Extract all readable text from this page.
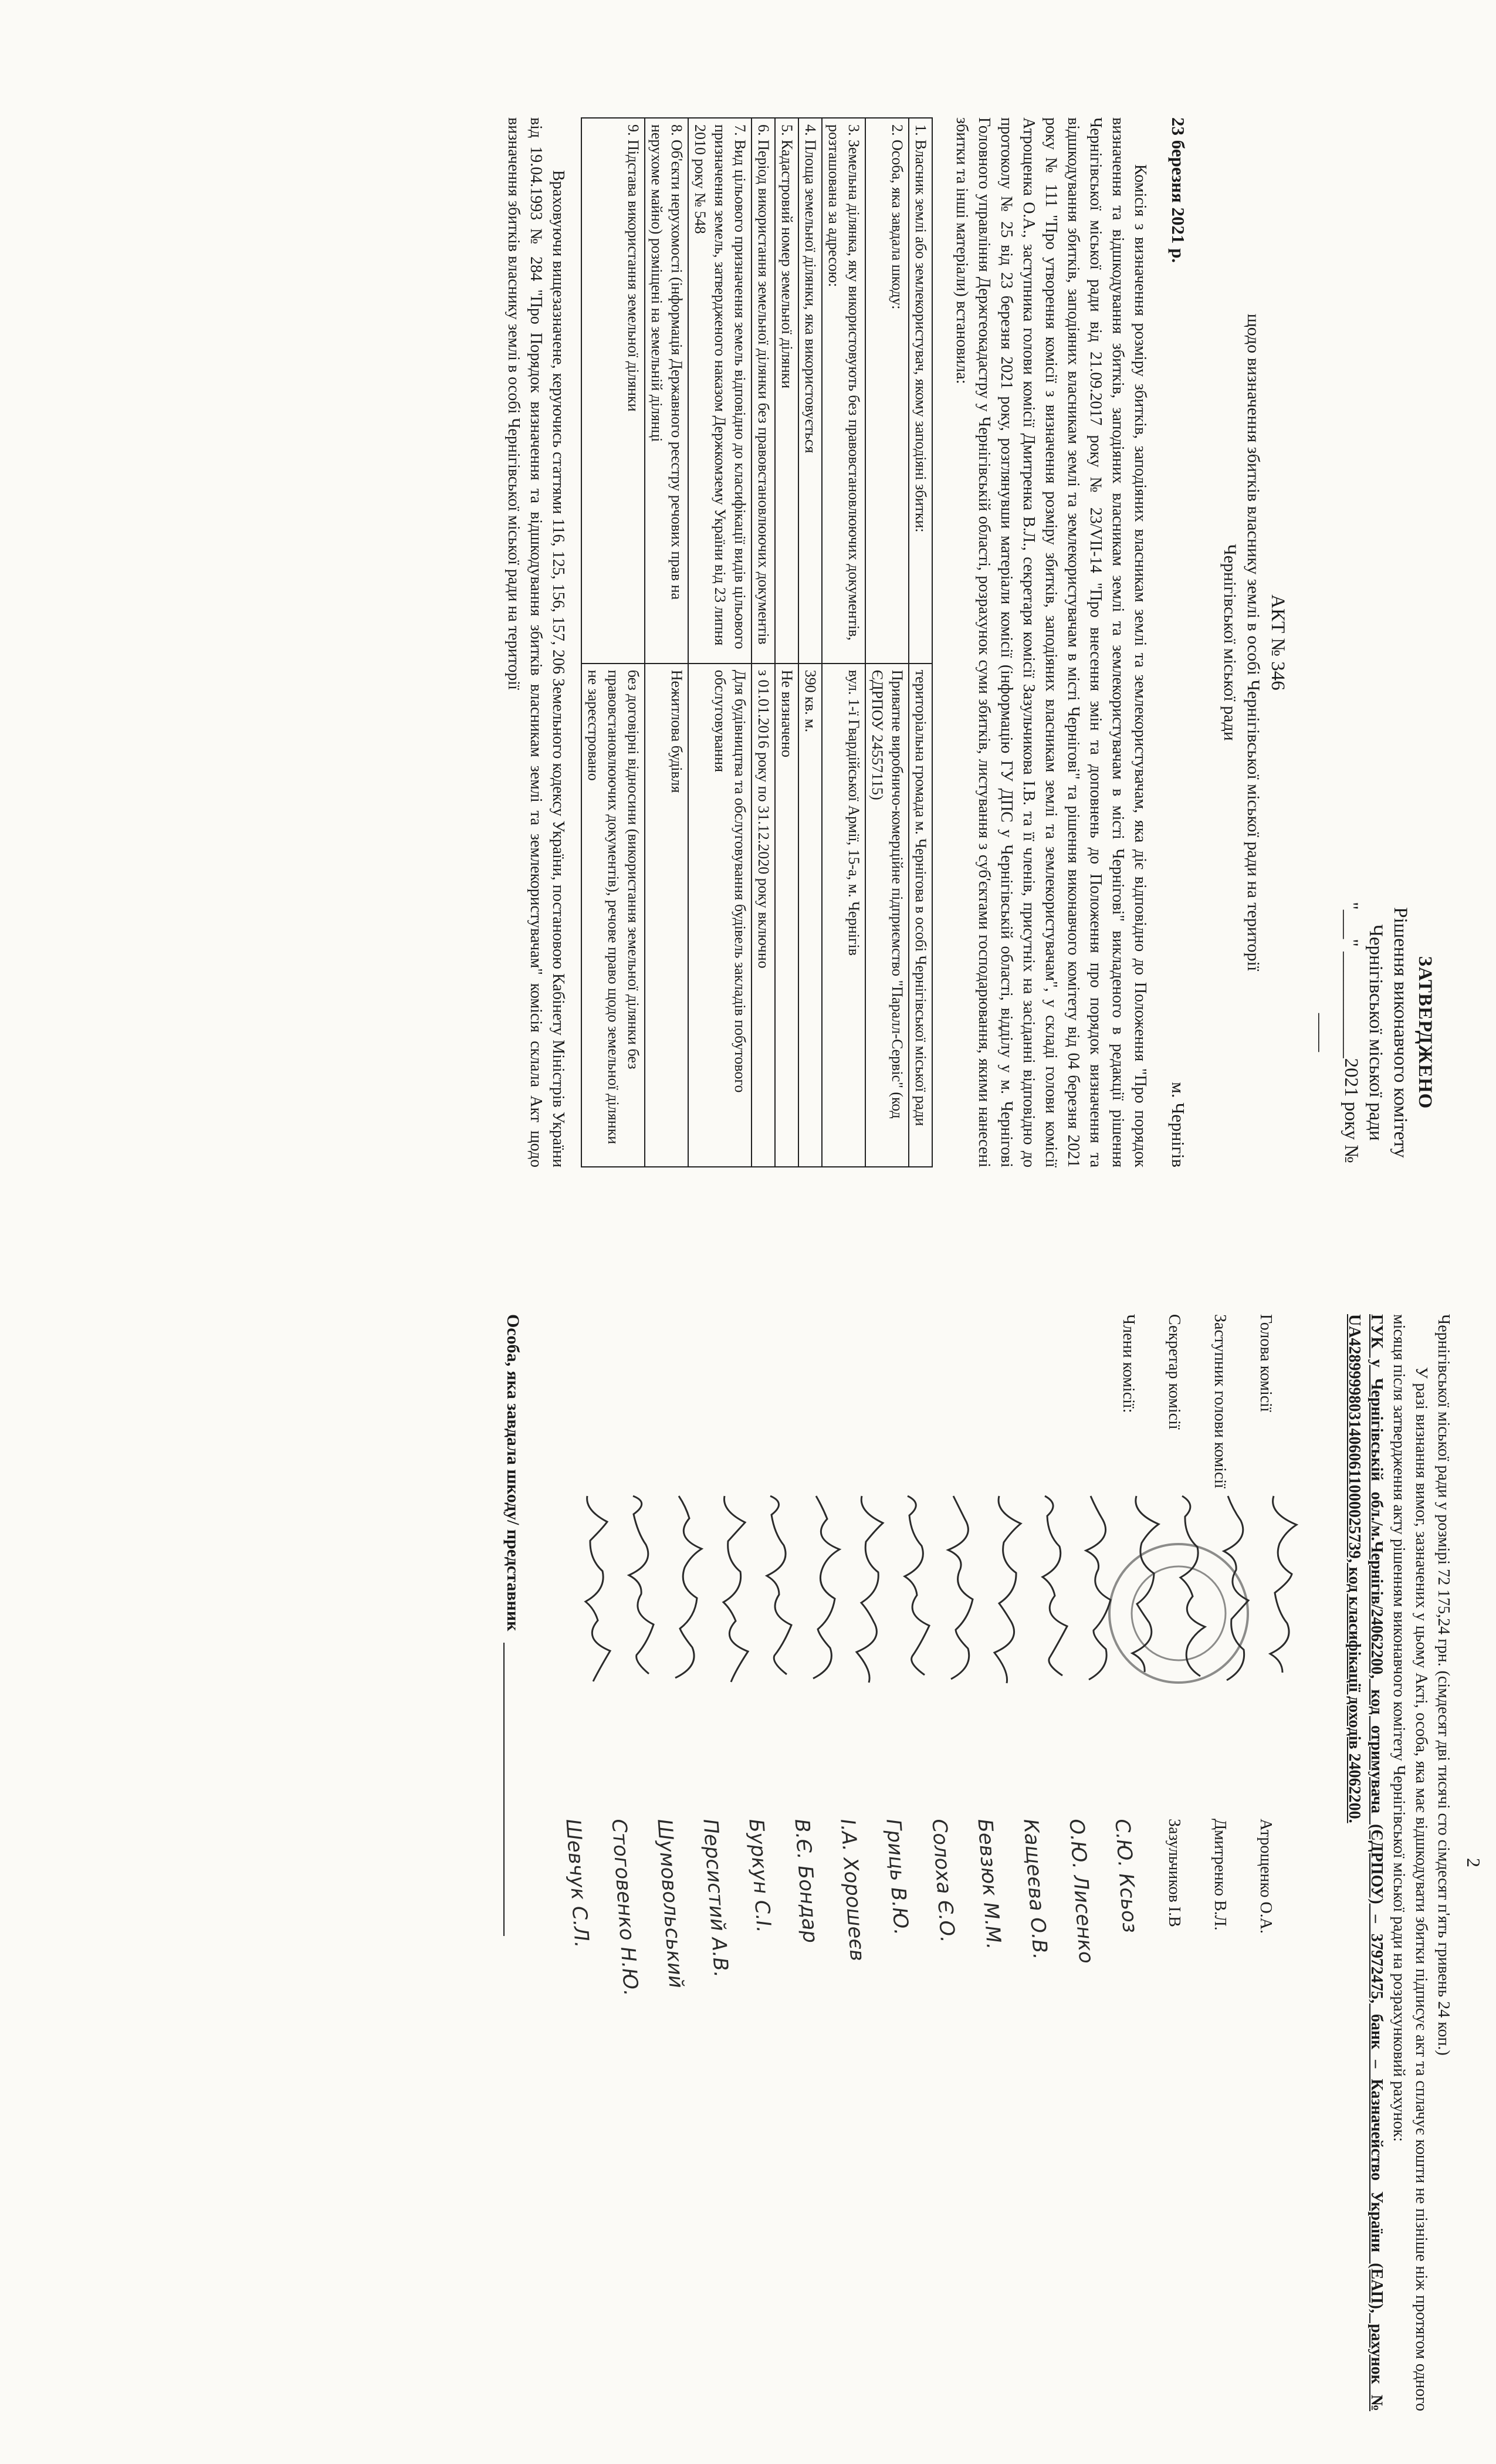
ЗАТВЕРДЖЕНО
Рішення виконавчого комітету
Чернігівської міської ради
"___" ___________2021 року № ____
АКТ № 346
щодо визначення збитків власнику землі в особі Чернігівської міської ради на території
Чернігівської міської ради
23 березня 2021 р.
м. Чернігів
Комісія з визначення розміру збитків, заподіяних власникам землі та землекористувачам, яка діє відповідно до Положення "Про порядок визначення та відшкодування збитків, заподіяних власникам землі та землекористувачам в місті Чернігові" викладеного в редакції рішення Чернігівської міської ради від 21.09.2017 року № 23/VII-14 "Про внесення змін та доповнень до Положення про порядок визначення та відшкодування збитків, заподіяних власникам землі та землекористувачам в місті Чернігові" та рішення виконавчого комітету від 04 березня 2021 року № 111 "Про утворення комісії з визначення розміру збитків, заподіяних власникам землі та землекористувачам", у складі голови комісії Атрощенка О.А., заступника голови комісії Дмитренка В.Л., секретаря комісії Зазульчикова І.В. та її членів, присутніх на засіданні відповідно до протоколу № 25 від 23 березня 2021 року, розглянувши матеріали комісії (інформацію ГУ ДПС у Чернігівській області, відділу у м. Чернігові Головного управління Держгеокадастру у Чернігівській області, розрахунок суми збитків, листування з суб'єктами господарювання, якими нанесені збитки та інші матеріали) встановила:
1. Власник землі або землекористувач, якому заподіяні збитки:	територіальна громада м. Чернігова в особі Чернігівської міської ради
2. Особа, яка завдала шкоду:	Приватне виробничо-комерційне підприємство "Паралл-Сервіс" (код ЄДРПОУ 24557115)
3. Земельна ділянка, яку використовують без правовстановлюючих документів, розташована за адресою:	вул. 1-ї Гвардійської Армії, 15-а, м. Чернігів
4. Площа земельної ділянки, яка використовується	390 кв. м.
5. Кадастровий номер земельної ділянки	Не визначено
6. Період використання земельної ділянки без правовстановлюючих документів	з 01.01.2016 року по 31.12.2020 року включно
7. Вид цільового призначення земель відповідно до класифікації видів цільового призначення земель, затвердженого наказом Держкомзему України від 23 липня 2010 року № 548	Для будівництва та обслуговування будівель закладів побутового обслуговування
8. Об'єкти нерухомості (інформація Державного реєстру речових прав на нерухоме майно) розміщені на земельній ділянці	Нежитлова будівля
9. Підстава використання земельної ділянки	без договірні відносини (використання земельної ділянки без правовстановлюючих документів), речове право щодо земельної ділянки не зареєстровано
Враховуючи вищезазначене, керуючись статтями 116, 125, 156, 157, 206 Земельного кодексу України, постановою Кабінету Міністрів України від 19.04.1993 № 284 "Про Порядок визначення та відшкодування збитків власникам землі та землекористувачам" комісія склала Акт щодо визначення збитків власнику землі в особі Чернігівської міської ради на території
2
Чернігівської міської ради у розмірі 72 175,24 грн. (сімдесят дві тисячі сто сімдесят п'ять гривень 24 коп.)
У разі визнання вимог, зазначених у цьому Акті, особа, яка має відшкодувати збитки підписує акт та сплачує кошти не пізніше ніж протягом одного місяця після затвердження акту рішенням виконавчого комітету Чернігівської міської ради на розрахунковий рахунок:
ГУК у Чернігівській обл./м.Чернігів/24062200, код отримувача (ЄДРПОУ) – 37972475, банк – Казначейство України (ЕАП), рахунок № UA428999980314060611000025739, код класифікації доходів 24062200.
Голова комісії
Атрощенко О.А.
Заступник голови комісії
Дмитренко В.Л.
Секретар комісії
Зазульчиков І.В
Члени комісії:
С.Ю. Ксьоз
О.Ю. Лисенко
Кащеєва О.В.
Бевзюк М.М.
Солоха Є.О.
Гриць В.Ю.
І.А. Хорошеєв
В.Є. Бондар
Буркун С.І.
Персистий А.В.
Шумовольський
Стоговенко Н.Ю.
Шевчук С.Л.
Особа, яка завдала шкоду/ представник
